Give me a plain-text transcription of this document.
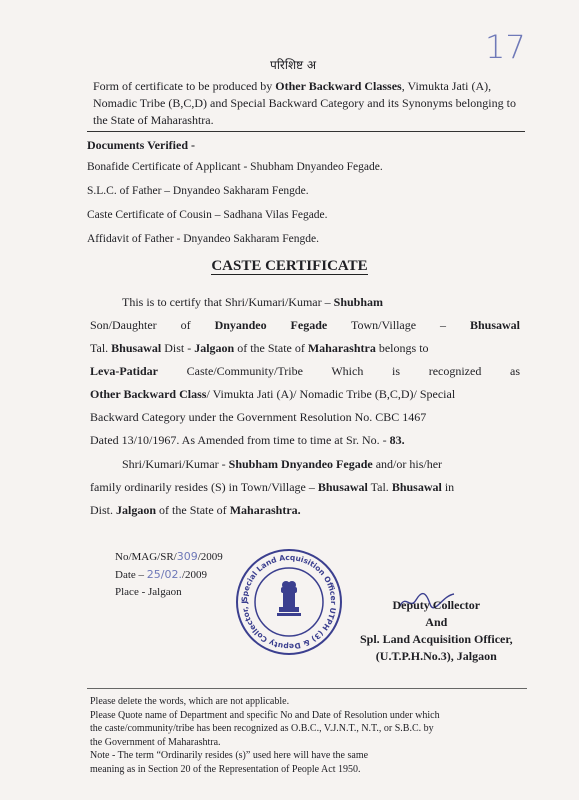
परिशिष्ट अ	17
Form of certificate to be produced by Other Backward Classes, Vimukta Jati (A), Nomadic Tribe (B,C,D) and Special Backward Category and its Synonyms belonging to the State of Maharashtra.
Documents Verified -
Bonafide Certificate of Applicant - Shubham Dnyandeo Fegade.
S.L.C. of Father – Dnyandeo Sakharam Fengde.
Caste Certificate of Cousin – Sadhana Vilas Fegade.
Affidavit of Father - Dnyandeo Sakharam Fengde.
CASTE CERTIFICATE
This is to certify that Shri/Kumari/Kumar – Shubham
Son/Daughter of Dnyandeo Fegade Town/Village – Bhusawal
Tal. Bhusawal Dist - Jalgaon of the State of Maharashtra belongs to
Leva-Patidar Caste/Community/Tribe Which is recognized as
Other Backward Class/ Vimukta Jati (A)/ Nomadic Tribe (B,C,D)/ Special
Backward Category under the Government Resolution No. CBC 1467
Dated 13/10/1967. As Amended from time to time at Sr. No. - 83.
Shri/Kumari/Kumar - Shubham Dnyandeo Fegade and/or his/her
family ordinarily resides (S) in Town/Village – Bhusawal Tal. Bhusawal in
Dist. Jalgaon of the State of Maharashtra.
No/MAG/SR/309/2009
Date – 25/02./2009
Place - Jalgaon
Special Land Acquisition Officer UTPH (3) & Deputy Collector, J	Deputy Collector
And
Spl. Land Acquisition Officer,
(U.T.P.H.No.3), Jalgaon
Please delete the words, which are not applicable.
Please Quote name of Department and specific No and Date of Resolution under which
the caste/community/tribe has been recognized as O.B.C., V.J.N.T., N.T., or S.B.C. by
the Government of Maharashtra.
Note - The term “Ordinarily resides (s)” used here will have the same
meaning as in Section 20 of the Representation of People Act 1950.
